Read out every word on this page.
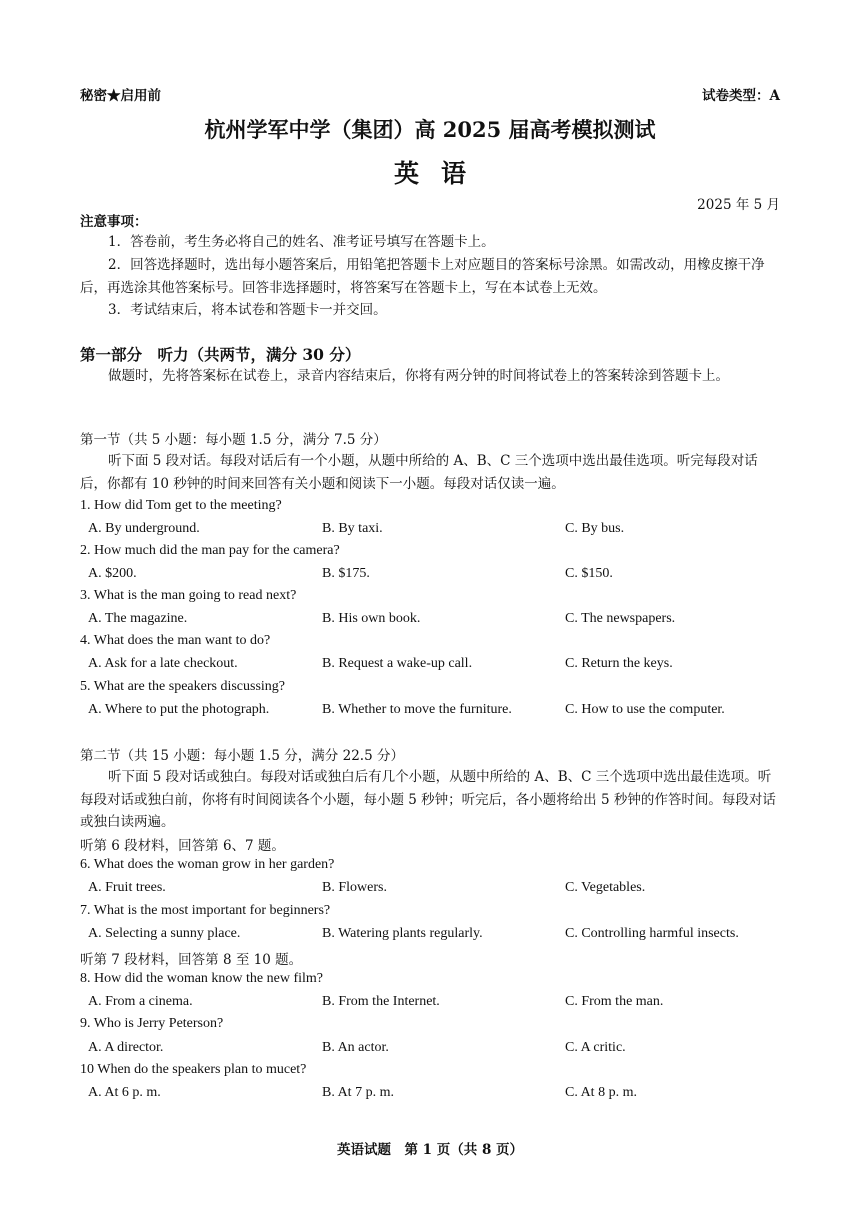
秘密★启用前	试卷类型：A
杭州学军中学（集团）高 2025 届高考模拟测试
英语
2025 年 5 月
注意事项：
1．答卷前，考生务必将自己的姓名、准考证号填写在答题卡上。
2．回答选择题时，选出每小题答案后，用铅笔把答题卡上对应题目的答案标号涂黑。如需改动，用橡皮擦干净后，再选涂其他答案标号。回答非选择题时，将答案写在答题卡上，写在本试卷上无效。
3．考试结束后，将本试卷和答题卡一并交回。
第一部分　听力（共两节，满分 30 分）
做题时，先将答案标在试卷上，录音内容结束后，你将有两分钟的时间将试卷上的答案转涂到答题卡上。
第一节（共 5 小题：每小题 1.5 分，满分 7.5 分）
听下面 5 段对话。每段对话后有一个小题，从题中所给的 A、B、C 三个选项中选出最佳选项。听完每段对话后，你都有 10 秒钟的时间来回答有关小题和阅读下一小题。每段对话仅读一遍。
1. How did Tom get to the meeting?
A. By underground.	B. By taxi.	C. By bus.
2. How much did the man pay for the camera?
A. $200.	B. $175.	C. $150.
3. What is the man going to read next?
A. The magazine.	B. His own book.	C. The newspapers.
4. What does the man want to do?
A. Ask for a late checkout.	B. Request a wake-up call.	C. Return the keys.
5. What are the speakers discussing?
A. Where to put the photograph.	B. Whether to move the furniture.	C. How to use the computer.
第二节（共 15 小题：每小题 1.5 分，满分 22.5 分）
听下面 5 段对话或独白。每段对话或独白后有几个小题，从题中所给的 A、B、C 三个选项中选出最佳选项。听每段对话或独白前，你将有时间阅读各个小题，每小题 5 秒钟；听完后，各小题将给出 5 秒钟的作答时间。每段对话或独白读两遍。
听第 6 段材料，回答第 6、7 题。
6. What does the woman grow in her garden?
A. Fruit trees.	B. Flowers.	C. Vegetables.
7. What is the most important for beginners?
A. Selecting a sunny place.	B. Watering plants regularly.	C. Controlling harmful insects.
听第 7 段材料，回答第 8 至 10 题。
8. How did the woman know the new film?
A. From a cinema.	B. From the Internet.	C. From the man.
9. Who is Jerry Peterson?
A. A director.	B. An actor.	C. A critic.
10 When do the speakers plan to mucet?
A. At 6 p. m.	B. At 7 p. m.	C. At 8 p. m.
英语试题　第 1 页（共 8 页）
